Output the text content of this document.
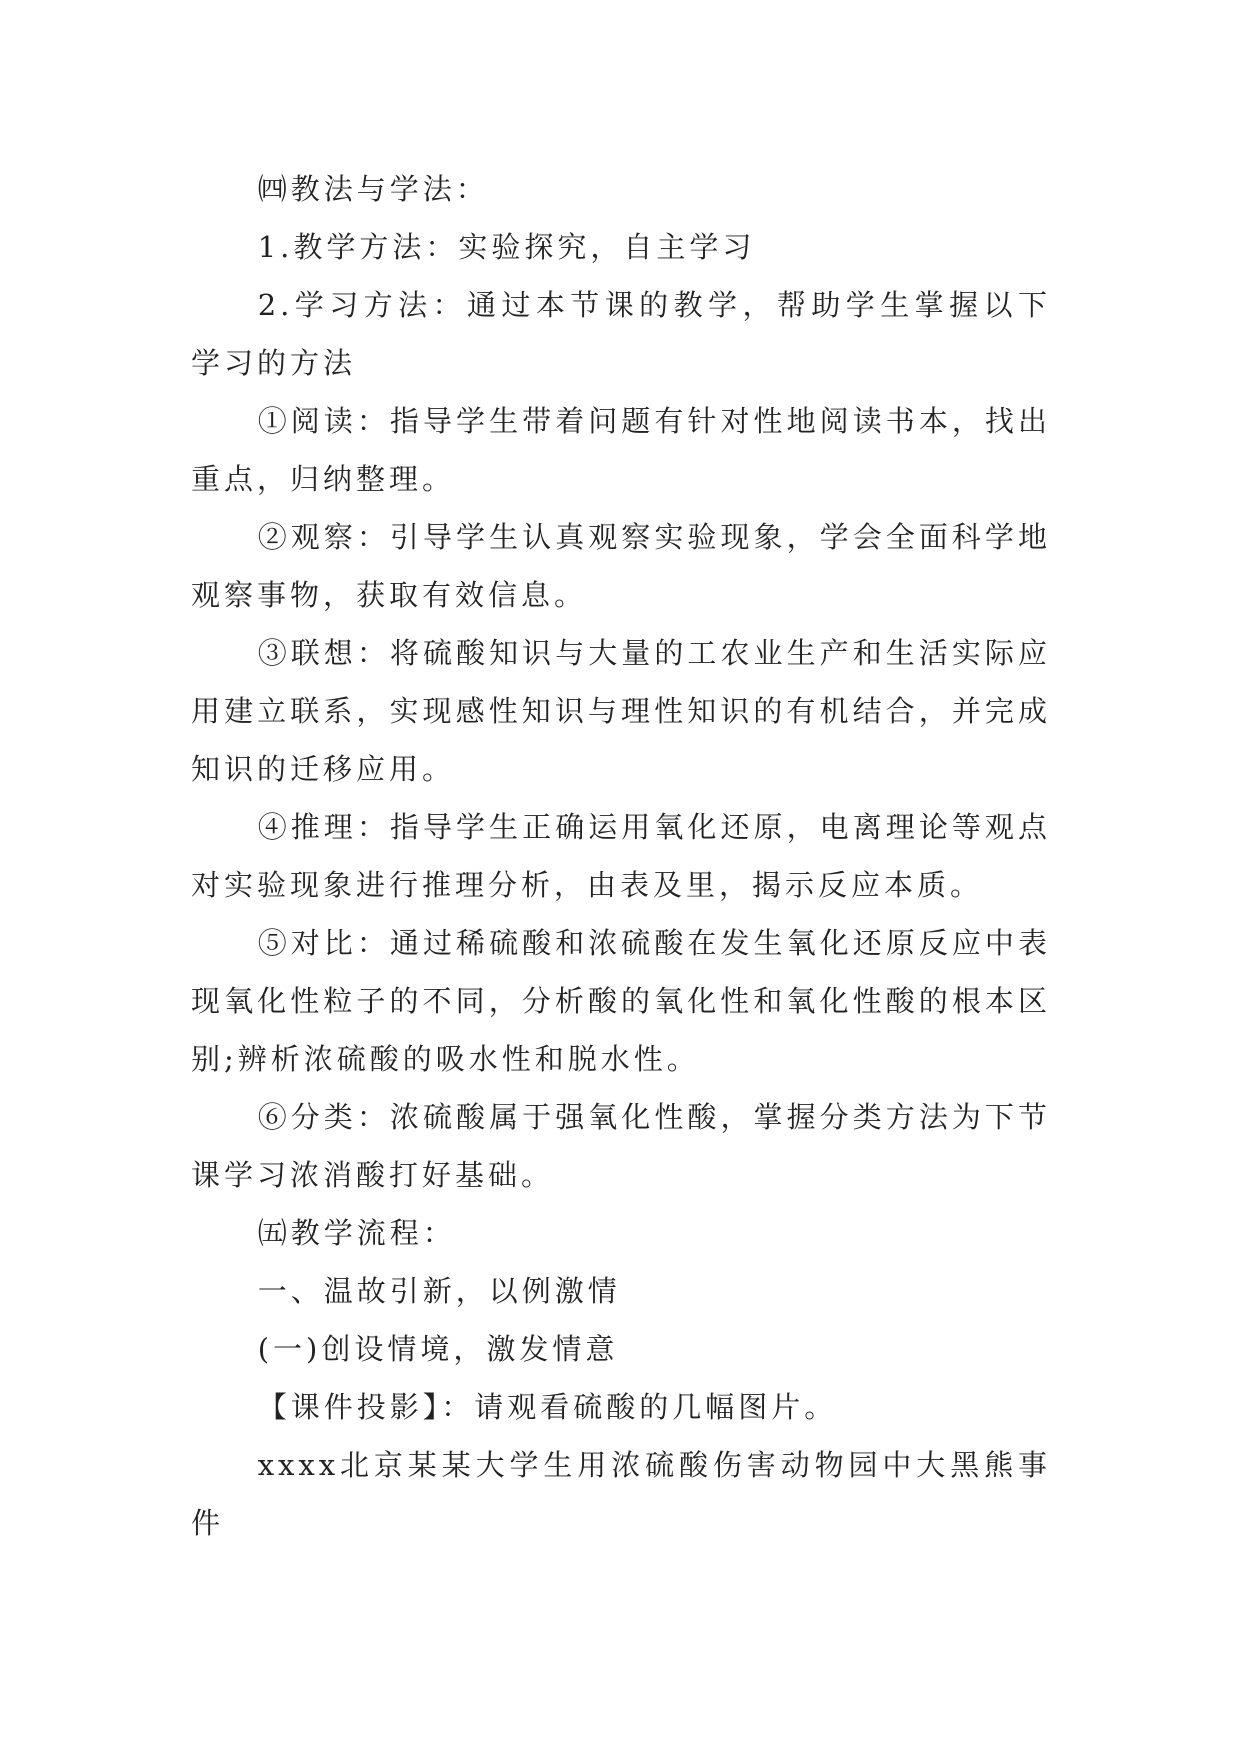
㈣教法与学法：

1.教学方法：实验探究，自主学习

2.学习方法：通过本节课的教学，帮助学生掌握以下学习的方法

①阅读：指导学生带着问题有针对性地阅读书本，找出重点，归纳整理。

②观察：引导学生认真观察实验现象，学会全面科学地观察事物，获取有效信息。

③联想：将硫酸知识与大量的工农业生产和生活实际应用建立联系，实现感性知识与理性知识的有机结合，并完成知识的迁移应用。

④推理：指导学生正确运用氧化还原，电离理论等观点对实验现象进行推理分析，由表及里，揭示反应本质。

⑤对比：通过稀硫酸和浓硫酸在发生氧化还原反应中表现氧化性粒子的不同，分析酸的氧化性和氧化性酸的根本区别;辨析浓硫酸的吸水性和脱水性。

⑥分类：浓硫酸属于强氧化性酸，掌握分类方法为下节课学习浓消酸打好基础。

㈤教学流程：

一、温故引新，以例激情

(一)创设情境，激发情意

【课件投影】：请观看硫酸的几幅图片。

xxxx北京某某大学生用浓硫酸伤害动物园中大黑熊事件
